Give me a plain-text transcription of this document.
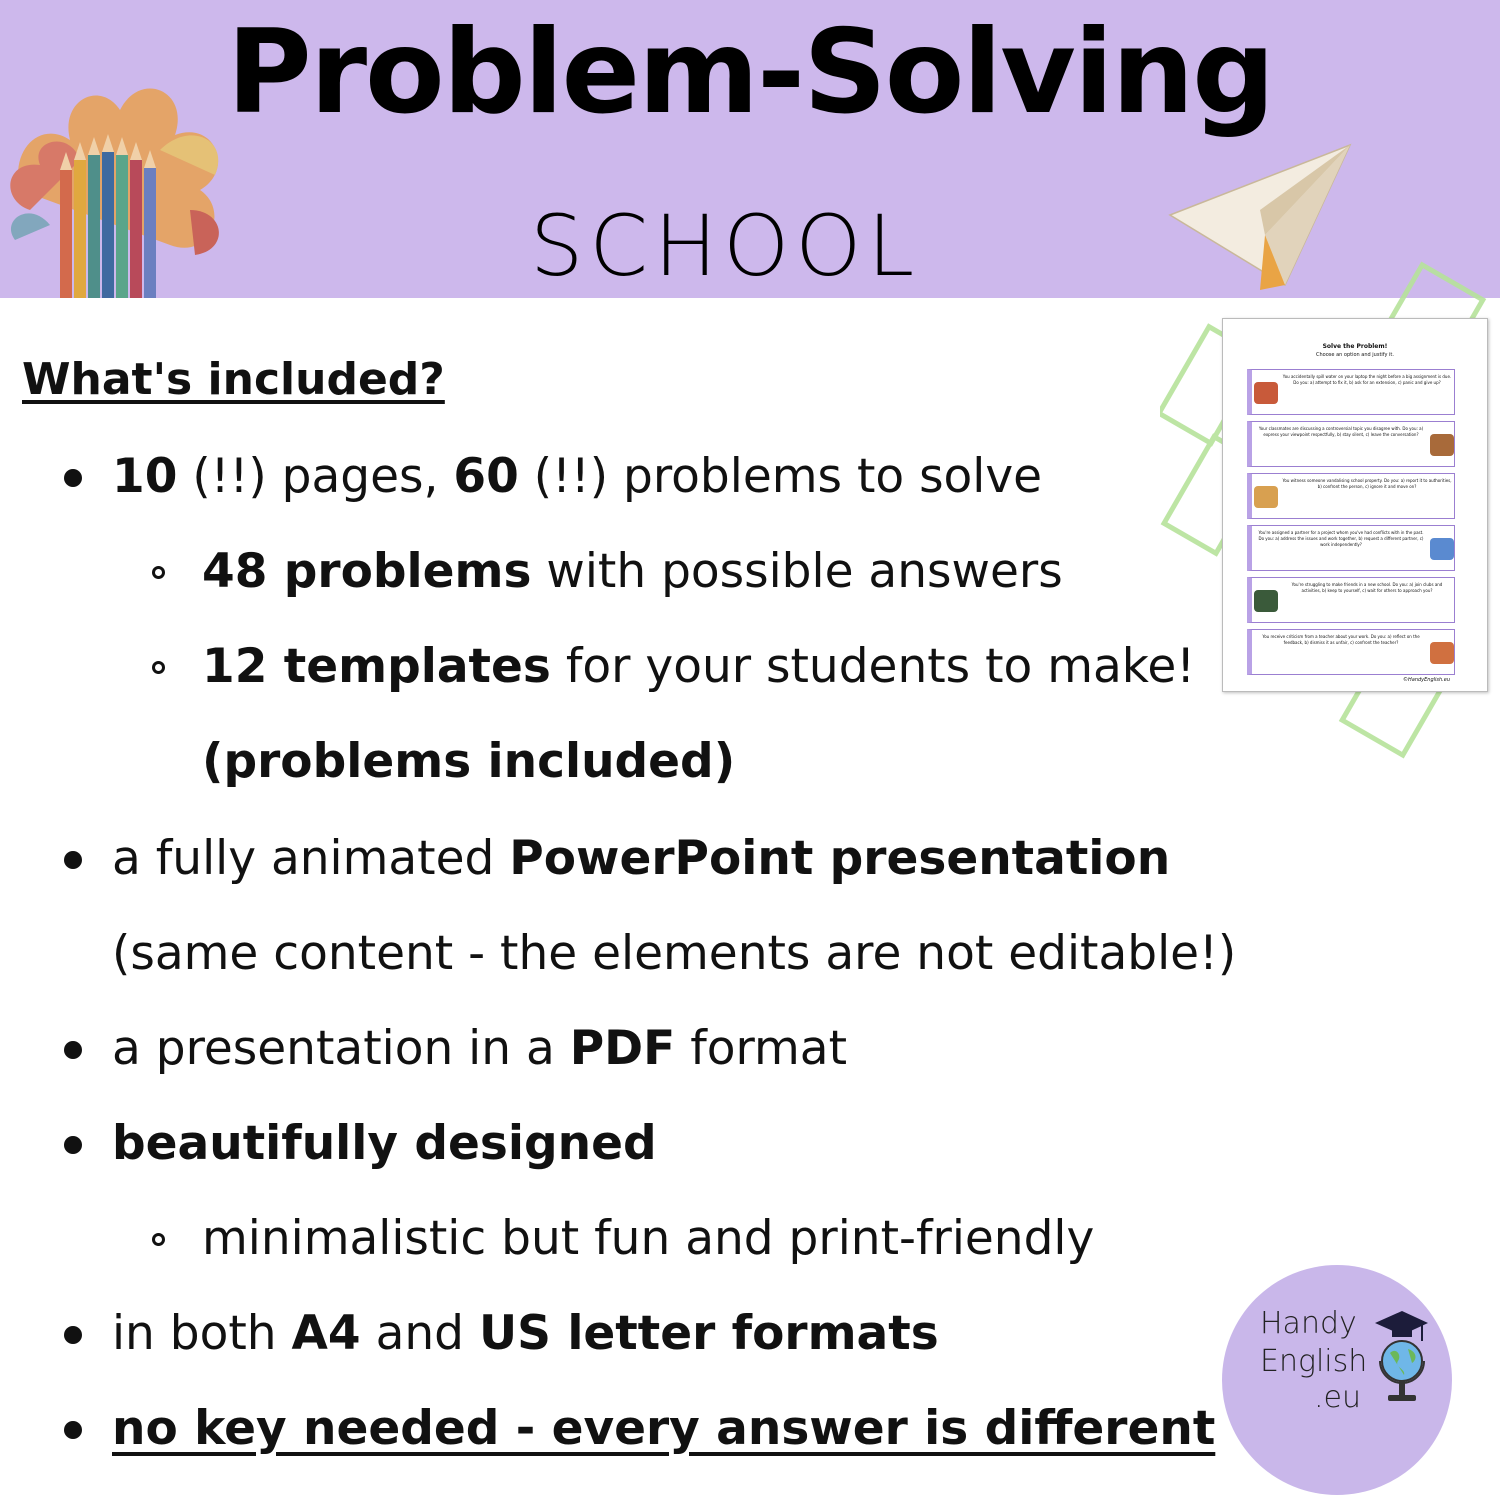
Problem-Solving
SCHOOL
Solve the Problem!
Choose an option and justify it.
You accidentally spill water on your laptop the night before a big assignment is due. Do you: a) attempt to fix it, b) ask for an extension, c) panic and give up?
Your classmates are discussing a controversial topic you disagree with. Do you: a) express your viewpoint respectfully, b) stay silent, c) leave the conversation?
You witness someone vandalising school property. Do you: a) report it to authorities, b) confront the person, c) ignore it and move on?
You're assigned a partner for a project whom you've had conflicts with in the past. Do you: a) address the issues and work together, b) request a different partner, c) work independently?
You're struggling to make friends in a new school. Do you: a) join clubs and activities, b) keep to yourself, c) wait for others to approach you?
You receive criticism from a teacher about your work. Do you: a) reflect on the feedback, b) dismiss it as unfair, c) confront the teacher?
©HandyEnglish.eu
What's included?
10 (!!) pages, 60 (!!) problems to solve
48 problems with possible answers
12 templates for your students to make!
(problems included)
a fully animated PowerPoint presentation
(same content - the elements are not editable!)
a presentation in a PDF format
beautifully designed
minimalistic but fun and print-friendly
in both A4 and US letter formats
no key needed - every answer is different
Handy
English
.eu
